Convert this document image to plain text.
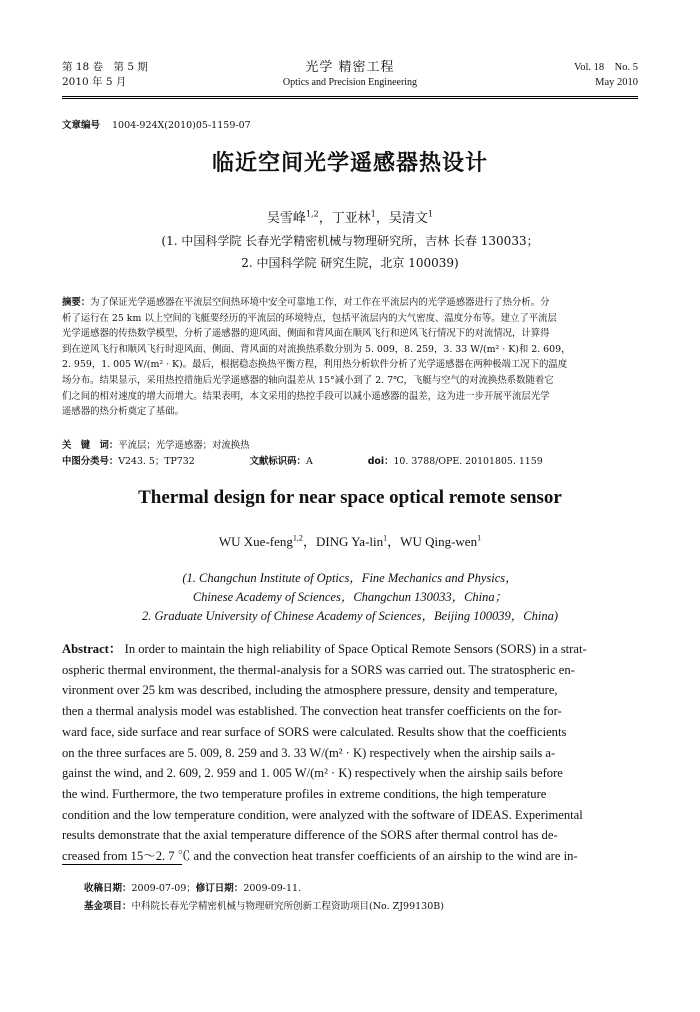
第 18 卷　第 5 期
2010 年 5 月
光学 精密工程
Optics and Precision Engineering
Vol. 18　No. 5
May 2010
文章编号 1004-924X(2010)05-1159-07
临近空间光学遥感器热设计
吴雪峰$^{1,2}$，丁亚林$^1$，吴清文$^1$
(1. 中国科学院 长春光学精密机械与物理研究所，吉林 长春 130033；
2. 中国科学院 研究生院，北京 100039)
摘要：为了保证光学遥感器在平流层空间热环境中安全可靠地工作，对工作在平流层内的光学遥感器进行了热分析。分
析了运行在 25 km 以上空间的飞艇要经历的平流层的环境特点，包括平流层内的大气密度、温度分布等。建立了平流层
光学遥感器的传热数学模型，分析了遥感器的迎风面、侧面和背风面在顺风飞行和逆风飞行情况下的对流情况，计算得
到在逆风飞行和顺风飞行时迎风面、侧面、背风面的对流换热系数分别为 5. 009，8. 259，3. 33 W/(m² · K)和 2. 609，
2. 959，1. 005 W/(m² · K)。最后，根据稳态换热平衡方程，利用热分析软件分析了光学遥感器在两种极端工况下的温度
场分布。结果显示，采用热控措施后光学遥感器的轴向温差从 15°减小到了 2. 7℃，飞艇与空气的对流换热系数随着它
们之间的相对速度的增大而增大。结果表明，本文采用的热控手段可以减小遥感器的温差，这为进一步开展平流层光学
遥感器的热分析奠定了基础。
关　键　词：平流层；光学遥感器；对流换热
中图分类号：V243. 5；TP732	文献标识码：A	doi：10. 3788/OPE. 20101805. 1159
Thermal design for near space optical remote sensor
WU Xue-feng$^{1,2}$，DING Ya-lin$^1$，WU Qing-wen$^1$
(1. Changchun Institute of Optics，Fine Mechanics and Physics，
Chinese Academy of Sciences，Changchun 130033，China；
2. Graduate University of Chinese Academy of Sciences，Beijing 100039，China)
Abstract： In order to maintain the high reliability of Space Optical Remote Sensors (SORS) in a strat-
ospheric thermal environment, the thermal-analysis for a SORS was carried out. The stratospheric en-
vironment over 25 km was described, including the atmosphere pressure, density and temperature,
then a thermal analysis model was established. The convection heat transfer coefficients on the for-
ward face, side surface and rear surface of SORS were calculated. Results show that the coefficients
on the three surfaces are 5. 009, 8. 259 and 3. 33 W/(m² · K) respectively when the airship sails a-
gainst the wind, and 2. 609, 2. 959 and 1. 005 W/(m² · K) respectively when the airship sails before
the wind. Furthermore, the two temperature profiles in extreme conditions, the high temperature
condition and the low temperature condition, were analyzed with the software of IDEAS. Experimental
results demonstrate that the axial temperature difference of the SORS after thermal control has de-
creased from 15～2. 7 ℃ and the convection heat transfer coefficients of an airship to the wind are in-
收稿日期：2009-07-09；修订日期：2009-09-11.
基金项目：中科院长春光学精密机械与物理研究所创新工程资助项目(No. ZJ99130B)
